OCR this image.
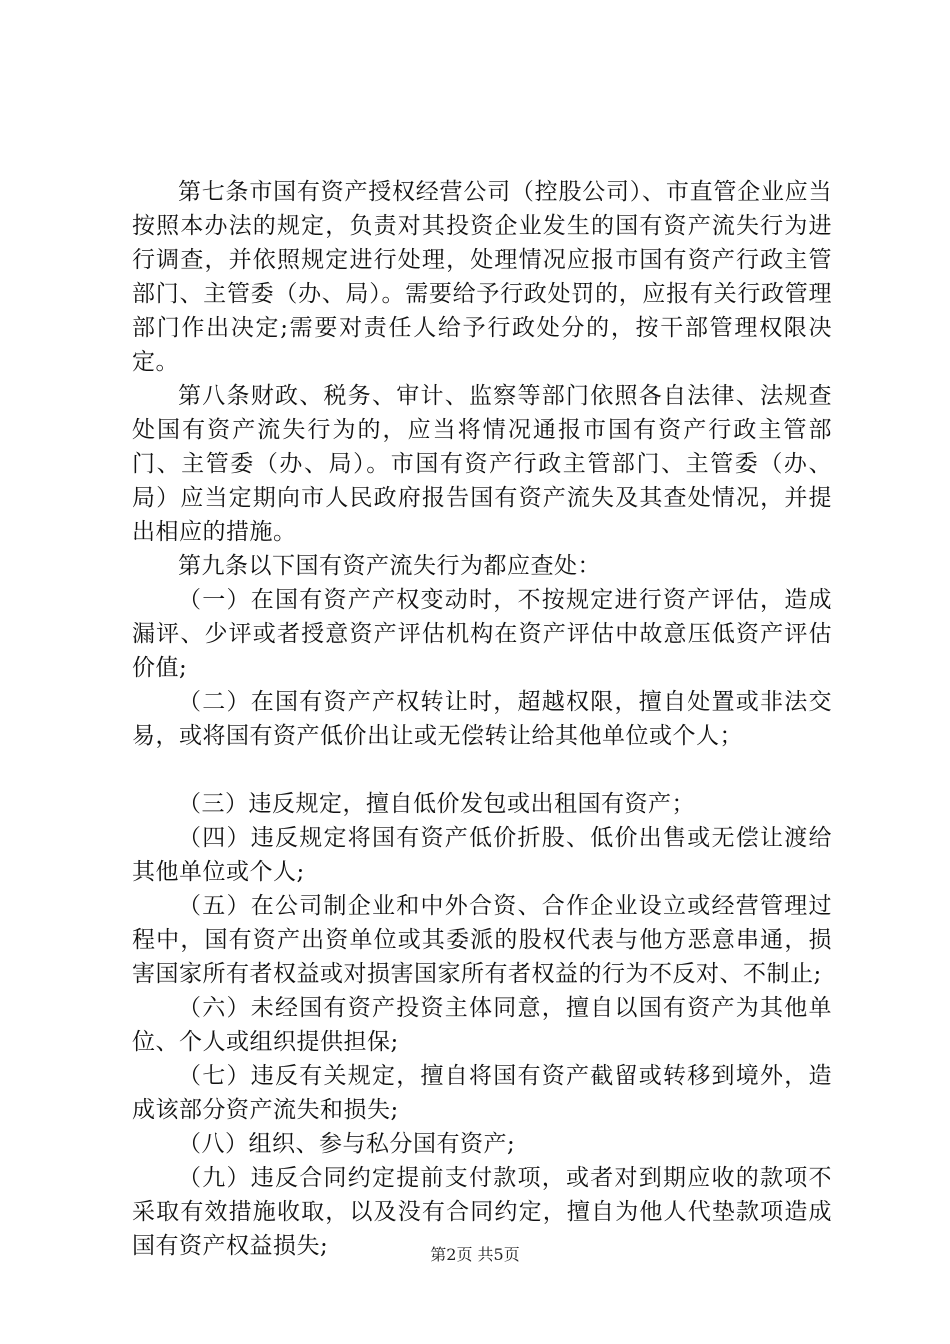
第七条市国有资产授权经营公司（控股公司）、市直管企业应当按照本办法的规定，负责对其投资企业发生的国有资产流失行为进行调查，并依照规定进行处理，处理情况应报市国有资产行政主管部门、主管委（办、局）。需要给予行政处罚的，应报有关行政管理部门作出决定;需要对责任人给予行政处分的，按干部管理权限决定。

第八条财政、税务、审计、监察等部门依照各自法律、法规查处国有资产流失行为的，应当将情况通报市国有资产行政主管部门、主管委（办、局）。市国有资产行政主管部门、主管委（办、局）应当定期向市人民政府报告国有资产流失及其查处情况，并提出相应的措施。

第九条以下国有资产流失行为都应查处：

（一）在国有资产产权变动时，不按规定进行资产评估，造成漏评、少评或者授意资产评估机构在资产评估中故意压低资产评估价值;

（二）在国有资产产权转让时，超越权限，擅自处置或非法交易，或将国有资产低价出让或无偿转让给其他单位或个人；

（三）违反规定，擅自低价发包或出租国有资产；

（四）违反规定将国有资产低价折股、低价出售或无偿让渡给其他单位或个人;

（五）在公司制企业和中外合资、合作企业设立或经营管理过程中，国有资产出资单位或其委派的股权代表与他方恶意串通，损害国家所有者权益或对损害国家所有者权益的行为不反对、不制止;

（六）未经国有资产投资主体同意，擅自以国有资产为其他单位、个人或组织提供担保;

（七）违反有关规定，擅自将国有资产截留或转移到境外，造成该部分资产流失和损失;

（八）组织、参与私分国有资产;

（九）违反合同约定提前支付款项，或者对到期应收的款项不采取有效措施收取，以及没有合同约定，擅自为他人代垫款项造成国有资产权益损失;	第2页 共5页
